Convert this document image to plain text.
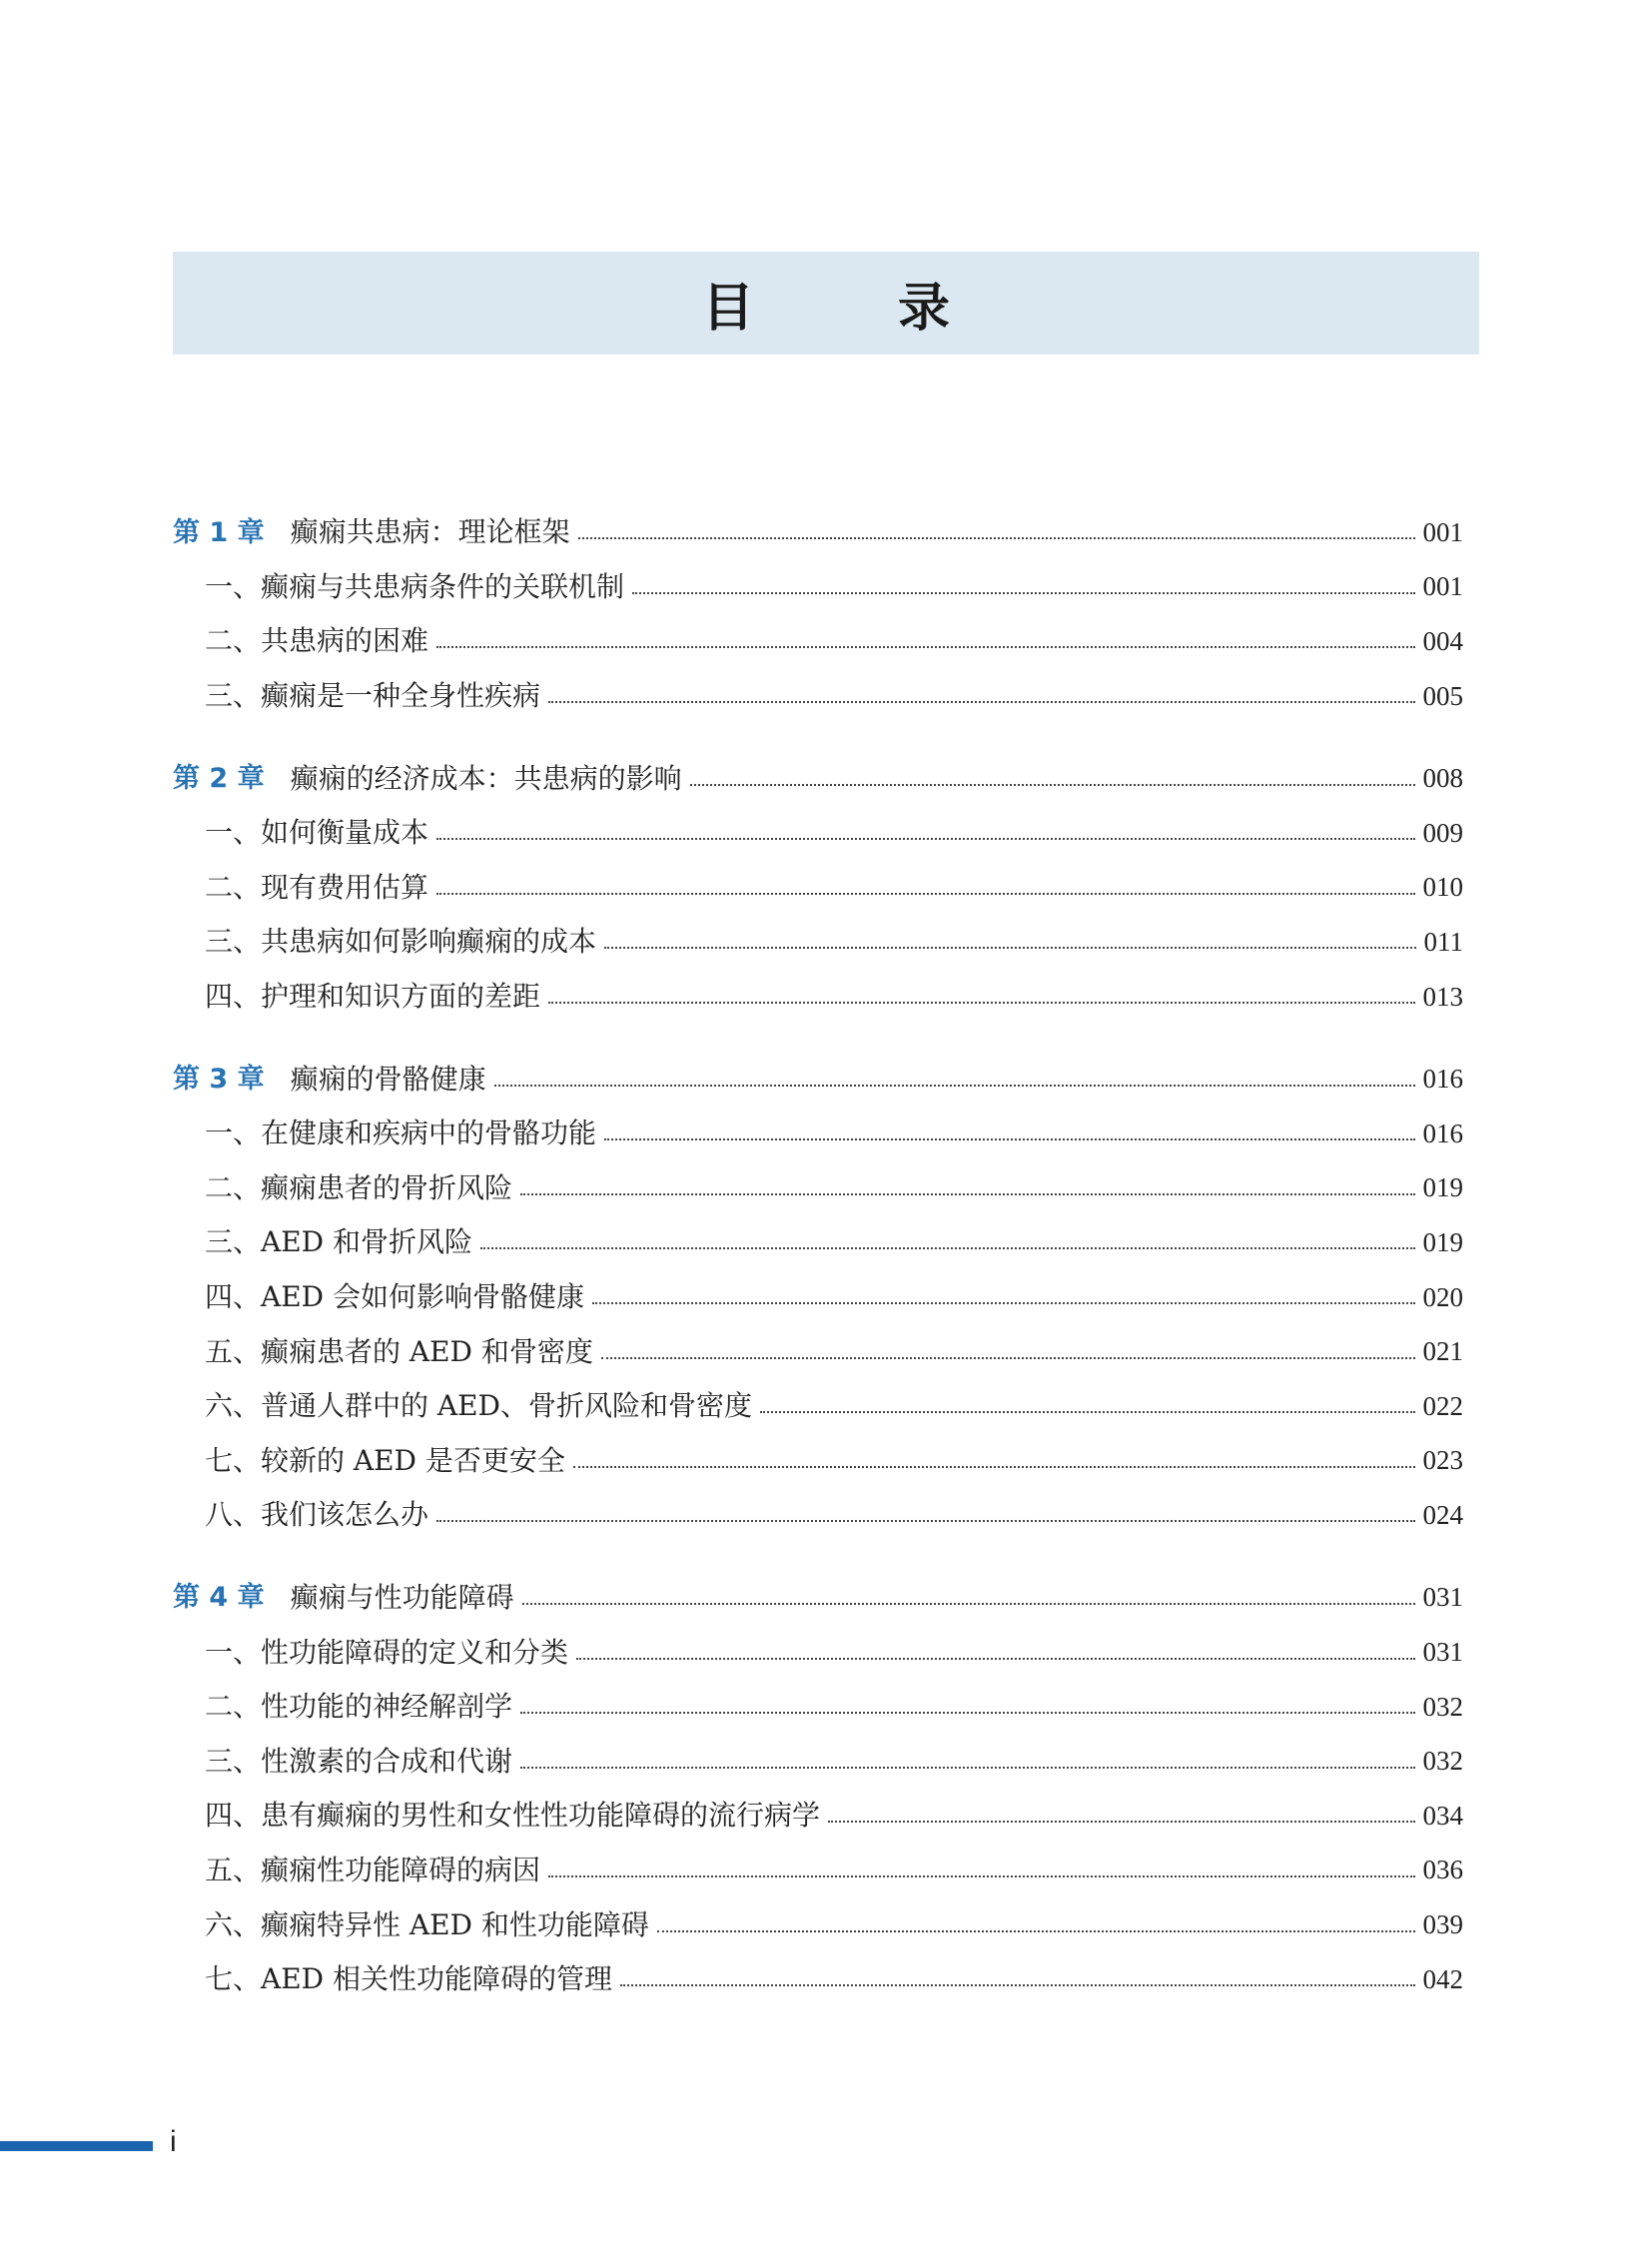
目　录
第 1 章 癫痫共患病：理论框架	001
一、癫痫与共患病条件的关联机制	001
二、共患病的困难	004
三、癫痫是一种全身性疾病	005
第 2 章 癫痫的经济成本：共患病的影响	008
一、如何衡量成本	009
二、现有费用估算	010
三、共患病如何影响癫痫的成本	011
四、护理和知识方面的差距	013
第 3 章 癫痫的骨骼健康	016
一、在健康和疾病中的骨骼功能	016
二、癫痫患者的骨折风险	019
三、AED 和骨折风险	019
四、AED 会如何影响骨骼健康	020
五、癫痫患者的 AED 和骨密度	021
六、普通人群中的 AED、骨折风险和骨密度	022
七、较新的 AED 是否更安全	023
八、我们该怎么办	024
第 4 章 癫痫与性功能障碍	031
一、性功能障碍的定义和分类	031
二、性功能的神经解剖学	032
三、性激素的合成和代谢	032
四、患有癫痫的男性和女性性功能障碍的流行病学	034
五、癫痫性功能障碍的病因	036
六、癫痫特异性 AED 和性功能障碍	039
七、AED 相关性功能障碍的管理	042
i
